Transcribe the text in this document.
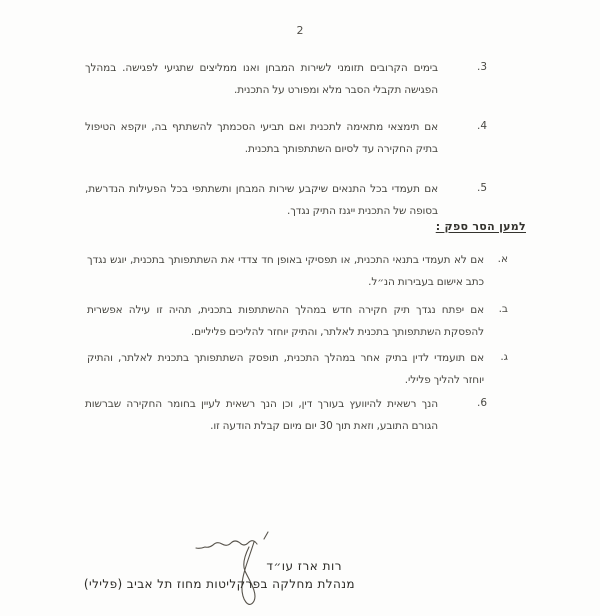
2
3.

בימים הקרובים תזומני לשירות המבחן ואנו ממליצים שתגיעי לפגישה. במהלך הפגישה תקבלי הסבר מלא ומפורט על התכנית.

4.

אם תימצאי מתאימה לתכנית ואם תביעי הסכמתך להשתתף בה, יוקפא הטיפול בתיק החקירה עד לסיום השתתפותך בתכנית.

5.

אם תעמדי בכל התנאים שיקבע שירות המבחן ותשתתפי בכל הפעילות הנדרשת, בסופה של התכנית ייגנז התיק נגדך.

למען הסר ספק :
א.

אם לא תעמדי בתנאי התכנית, או תפסיקי באופן חד צדדי את השתתפותך בתכנית, יוגש נגדך כתב אישום בעבירות הנ״ל.

ב.

אם יפתח נגדך תיק חקירה חדש במהלך ההשתתפות בתכנית, תהיה זו עילה אפשרית להפסקת השתתפותך בתכנית לאלתר, והתיק יוחזר להליכים פליליים.

ג.

אם תועמדי לדין בתיק אחר במהלך התכנית, תופסק השתתפותך בתכנית לאלתר, והתיק יוחזר להליך פלילי.

6.

הנך רשאית להיוועץ בעורך דין, וכן הנך רשאית לעיין בחומר החקירה שברשות הגורם התובע, וזאת תוך 30 יום מיום קבלת הודעה זו.

רות ארז עו״ד
מנהלת מחלקה בפרקליטות מחוז תל אביב (פלילי)
